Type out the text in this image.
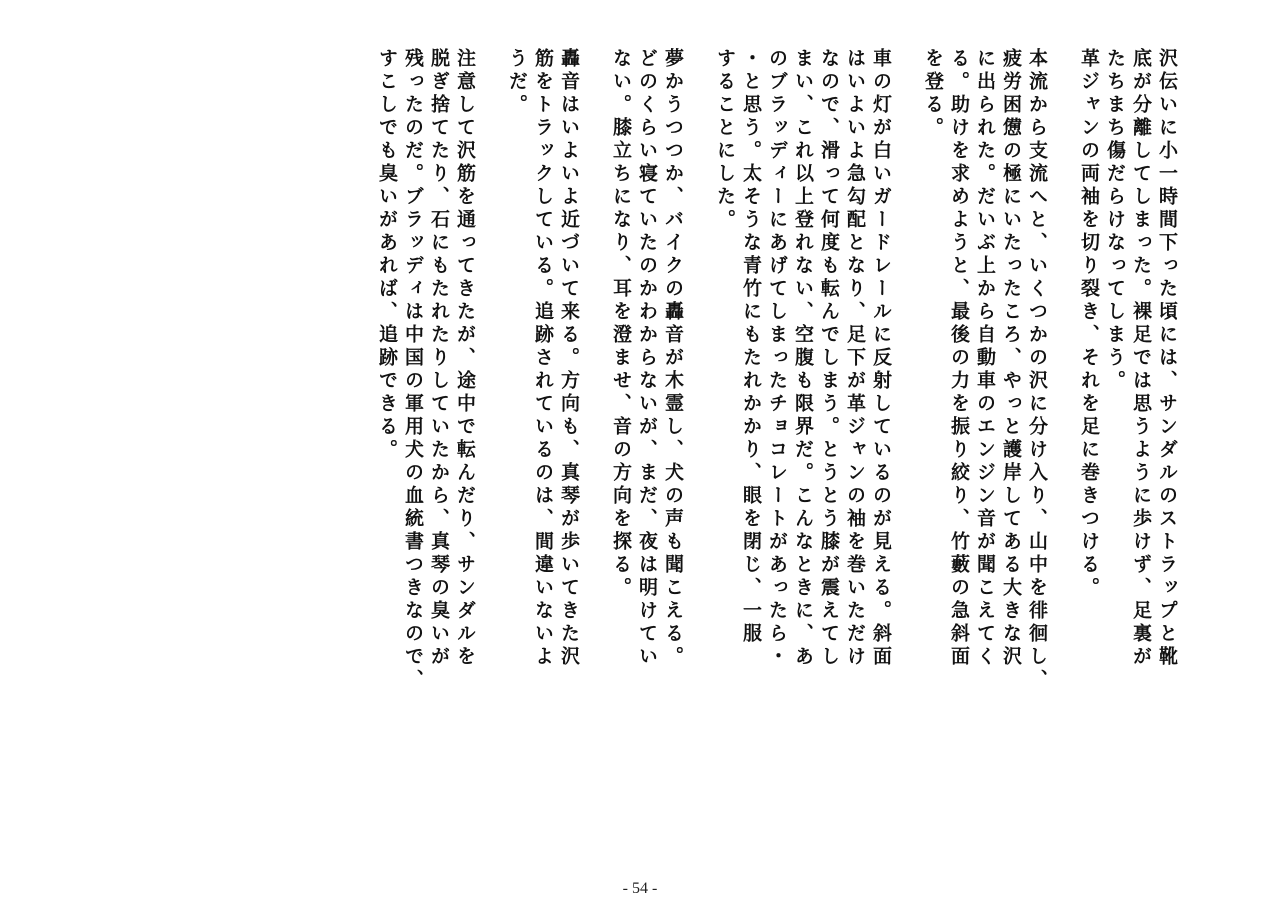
沢伝いに小一時間下った頃には、サンダルのストラップと靴
底が分離してしまった。裸足では思うように歩けず、足裏が
たちまち傷だらけなってしまう。
革ジャンの両袖を切り裂き、それを足に巻きつける。
本流から支流へと、いくつかの沢に分け入り、山中を徘徊し、
疲労困憊の極にいたったころ、やっと護岸してある大きな沢
に出られた。だいぶ上から自動車のエンジン音が聞こえてく
る。助けを求めようと、最後の力を振り絞り、竹藪の急斜面
を登る。
車の灯が白いガードレールに反射しているのが見える。斜面
はいよいよ急勾配となり、足下が革ジャンの袖を巻いただけ
なので、滑って何度も転んでしまう。とうとう膝が震えてし
まい、これ以上登れない、空腹も限界だ。こんなときに、あ
のブラッディーにあげてしまったチョコレートがあったら・
・と思う。太そうな青竹にもたれかかり、眼を閉じ、一服
することにした。
夢かうつつか、バイクの轟音が木霊し、犬の声も聞こえる。
どのくらい寝ていたのかわからないが、まだ、夜は明けてい
ない。膝立ちになり、耳を澄ませ、音の方向を探る。
轟音はいよいよ近づいて来る。方向も、真琴が歩いてきた沢
筋をトラックしている。追跡されているのは、間違いないよ
うだ。
注意して沢筋を通ってきたが、途中で転んだり、サンダルを
脱ぎ捨てたり、石にもたれたりしていたから、真琴の臭いが
残ったのだ。ブラッディは中国の軍用犬の血統書つきなので、
すこしでも臭いがあれば、追跡できる。
- 54 -
